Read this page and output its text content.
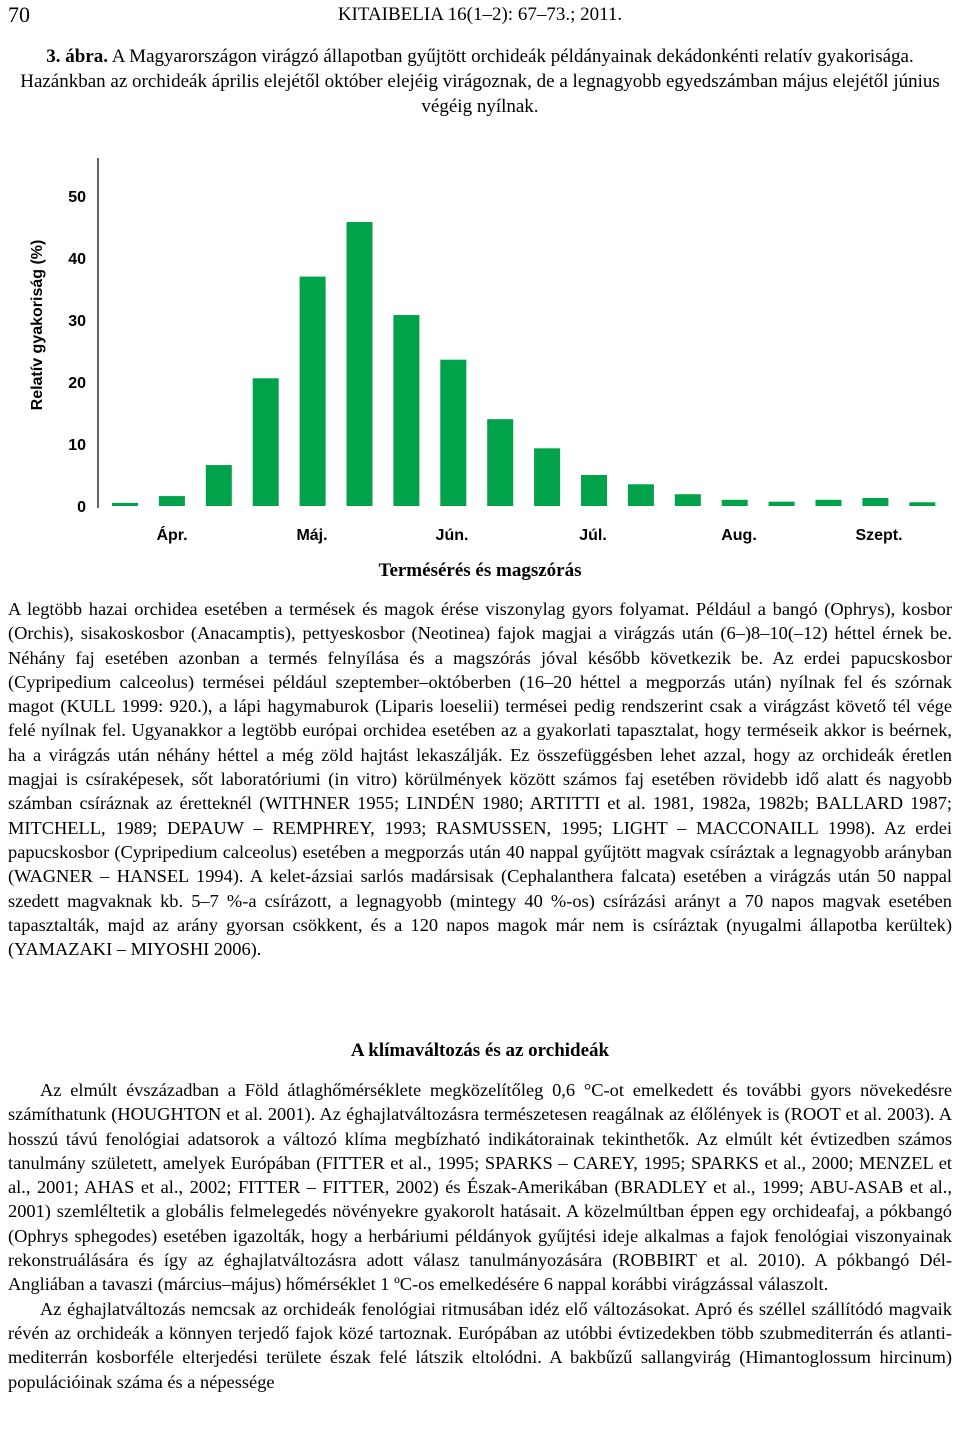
70	KITAIBELIA 16(1–2): 67–73.; 2011.
3. ábra. A Magyarországon virágzó állapotban gyűjtött orchideák példányainak dekádonkénti relatív gyakorisága. Hazánkban az orchideák április elejétől október elejéig virágoznak, de a legnagyobb egyedszámban május elejétől június végéig nyílnak.
Relatív gyakoriság (%)
0
10
20
30
40
50
Ápr.	Máj.	Jún.	Júl.	Aug.	Szept.
Termésérés és magszórás

A legtöbb hazai orchidea esetében a termések és magok érése viszonylag gyors folyamat. Például a bangó (Ophrys), kosbor (Orchis), sisakoskosbor (Anacamptis), pettyeskosbor (Neotinea) fajok magjai a virágzás után (6–)8–10(–12) héttel érnek be. Néhány faj esetében azonban a termés felnyílása és a magszórás jóval később következik be. Az erdei papucskosbor (Cypripedium calceolus) termései például szeptember–októberben (16–20 héttel a megporzás után) nyílnak fel és szórnak magot (KULL 1999: 920.), a lápi hagymaburok (Liparis loeselii) termései pedig rendszerint csak a virágzást követő tél vége felé nyílnak fel. Ugyanakkor a legtöbb európai orchidea esetében az a gyakorlati tapasztalat, hogy terméseik akkor is beérnek, ha a virágzás után néhány héttel a még zöld hajtást lekaszálják. Ez összefüggésben lehet azzal, hogy az orchideák éretlen magjai is csíraképesek, sőt laboratóriumi (in vitro) körülmények között számos faj esetében rövidebb idő alatt és nagyobb számban csíráznak az éretteknél (WITHNER 1955; LINDÉN 1980; ARTITTI et al. 1981, 1982a, 1982b; BALLARD 1987; MITCHELL, 1989; DEPAUW – REMPHREY, 1993; RASMUSSEN, 1995; LIGHT – MACCONAILL 1998). Az erdei papucskosbor (Cypripedium calceolus) esetében a megporzás után 40 nappal gyűjtött magvak csíráztak a legnagyobb arányban (WAGNER – HANSEL 1994). A kelet-ázsiai sarlós madársisak (Cephalanthera falcata) esetében a virágzás után 50 nappal szedett magvaknak kb. 5–7 %-a csírázott, a legnagyobb (mintegy 40 %-os) csírázási arányt a 70 napos magvak esetében tapasztalták, majd az arány gyorsan csökkent, és a 120 napos magok már nem is csíráztak (nyugalmi állapotba kerültek) (YAMAZAKI – MIYOSHI 2006).

A klímaváltozás és az orchideák

Az elmúlt évszázadban a Föld átlaghőmérséklete megközelítőleg 0,6 °C-ot emelkedett és további gyors növekedésre számíthatunk (HOUGHTON et al. 2001). Az éghajlatváltozásra természetesen reagálnak az élőlények is (ROOT et al. 2003). A hosszú távú fenológiai adatsorok a változó klíma megbízható indikátorainak tekinthetők. Az elmúlt két évtizedben számos tanulmány született, amelyek Európában (FITTER et al., 1995; SPARKS – CAREY, 1995; SPARKS et al., 2000; MENZEL et al., 2001; AHAS et al., 2002; FITTER – FITTER, 2002) és Észak-Amerikában (BRADLEY et al., 1999; ABU-ASAB et al., 2001) szemléltetik a globális felmelegedés növényekre gyakorolt hatásait. A közelmúltban éppen egy orchideafaj, a pókbangó (Ophrys sphegodes) esetében igazolták, hogy a herbáriumi példányok gyűjtési ideje alkalmas a fajok fenológiai viszonyainak rekonstruálására és így az éghajlatváltozásra adott válasz tanulmányozására (ROBBIRT et al. 2010). A pókbangó Dél-Angliában a tavaszi (március–május) hőmérséklet 1 ºC-os emelkedésére 6 nappal korábbi virágzással válaszolt.

Az éghajlatváltozás nemcsak az orchideák fenológiai ritmusában idéz elő változásokat. Apró és széllel szállítódó magvaik révén az orchideák a könnyen terjedő fajok közé tartoznak. Európában az utóbbi évtizedekben több szubmediterrán és atlanti-mediterrán kosborféle elterjedési területe észak felé látszik eltolódni. A bakbűzű sallangvirág (Himantoglossum hircinum) populációinak száma és a népessége
